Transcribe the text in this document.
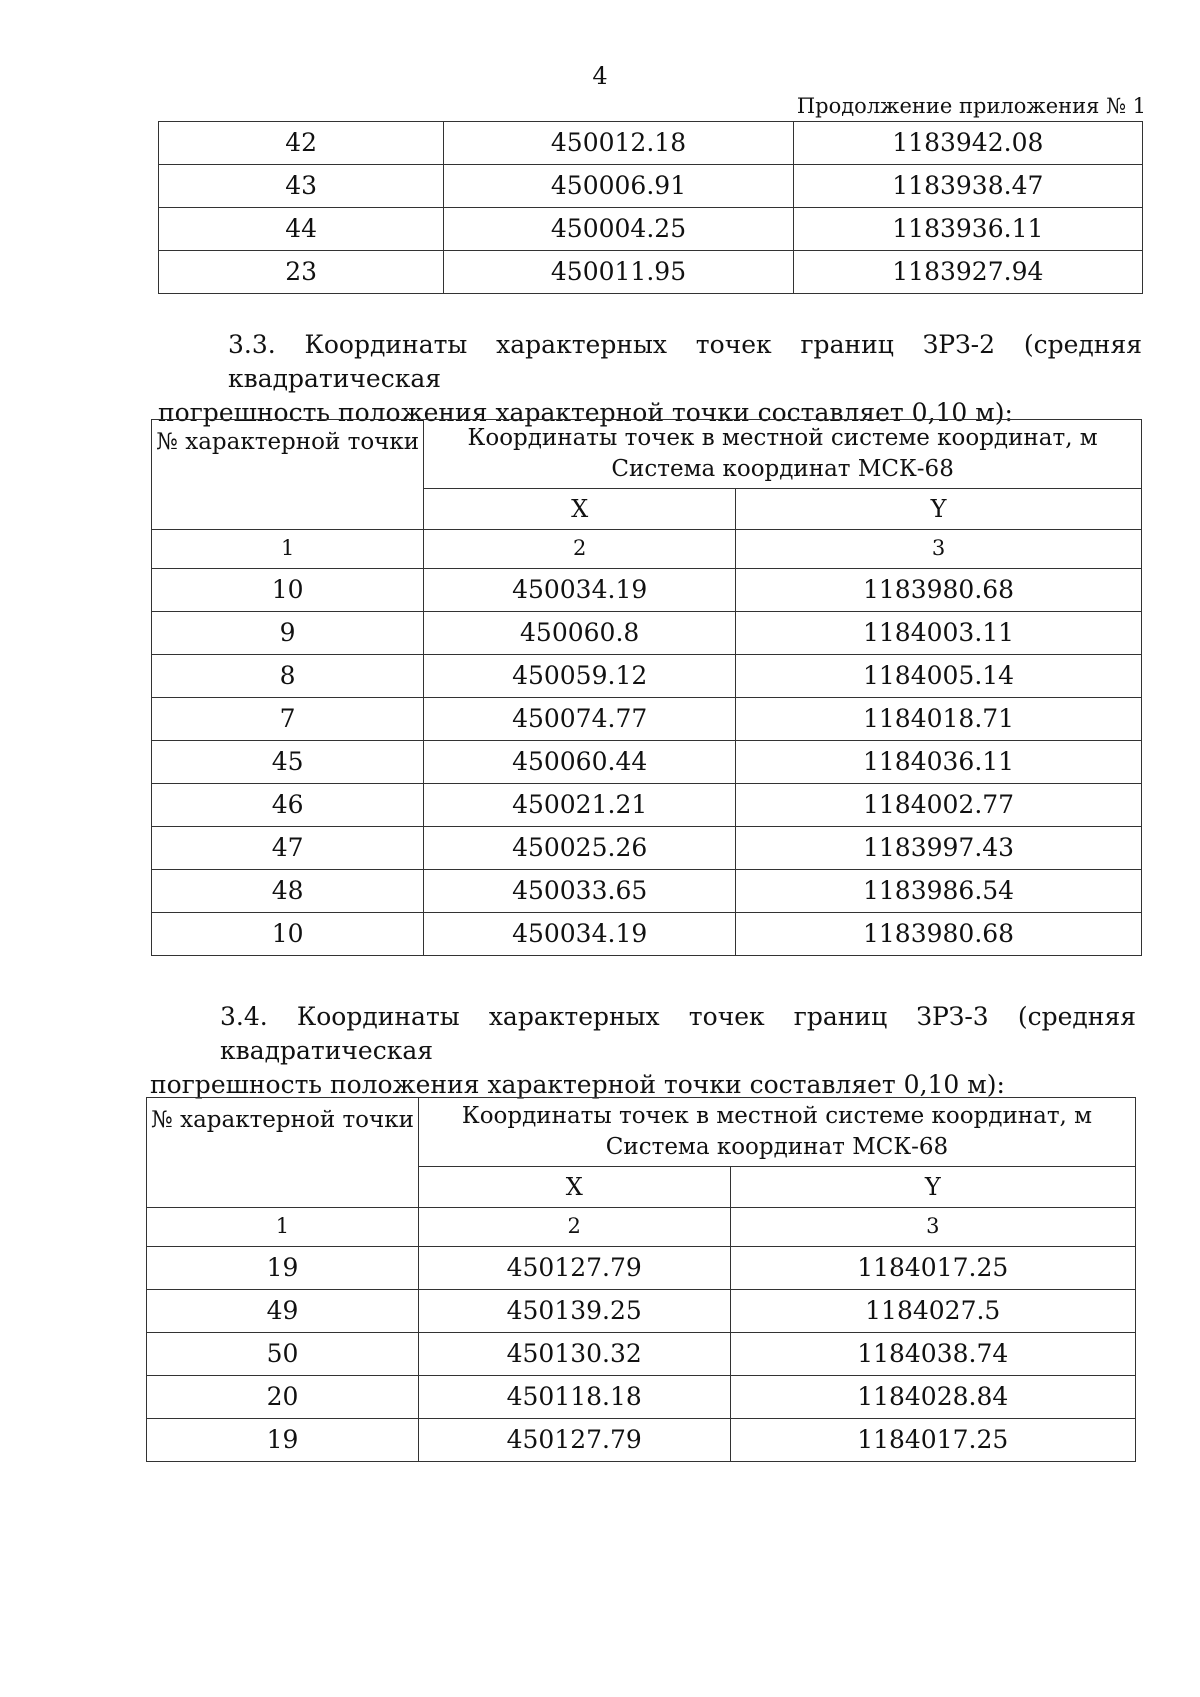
4
Продолжение приложения № 1
42	450012.18	1183942.08
43	450006.91	1183938.47
44	450004.25	1183936.11
23	450011.95	1183927.94
3.3. Координаты характерных точек границ ЗРЗ-2 (средняя квадратическая
погрешность положения характерной точки составляет 0,10 м):
№ характерной точки	Координаты точек в местной системе координат, м
Система координат МСК-68	

	X	Y
1	2	3
10	450034.19	1183980.68
9	450060.8	1184003.11
8	450059.12	1184005.14
7	450074.77	1184018.71
45	450060.44	1184036.11
46	450021.21	1184002.77
47	450025.26	1183997.43
48	450033.65	1183986.54
10	450034.19	1183980.68
3.4. Координаты характерных точек границ ЗРЗ-3 (средняя квадратическая
погрешность положения характерной точки составляет 0,10 м):
№ характерной точки	Координаты точек в местной системе координат, м
Система координат МСК-68	

	X	Y
1	2	3
19	450127.79	1184017.25
49	450139.25	1184027.5
50	450130.32	1184038.74
20	450118.18	1184028.84
19	450127.79	1184017.25
